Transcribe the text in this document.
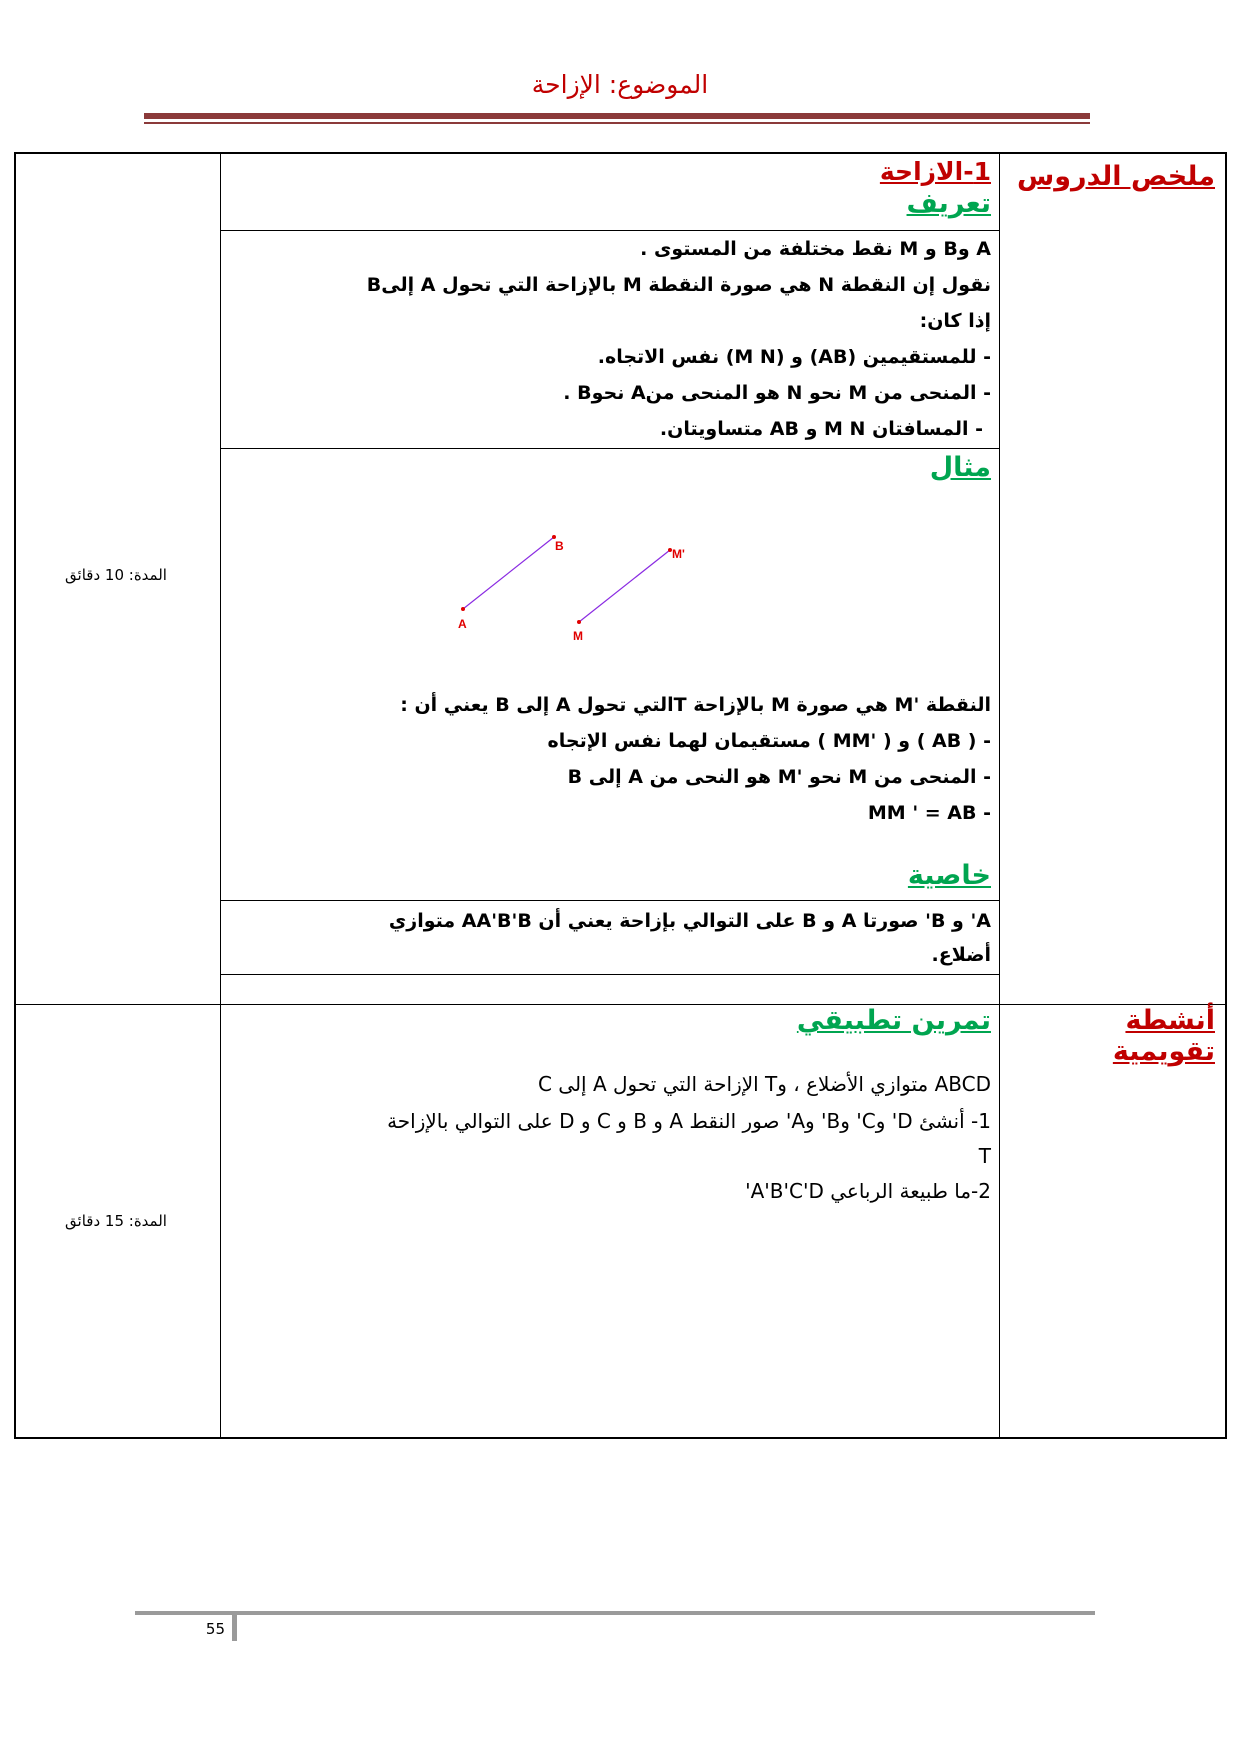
الموضوع: الإزاحة
ملخص الدروس
أنشطة تقويمية
1-الازاحة
تعريف
A وB و M نقط مختلفة من المستوى .
نقول إن النقطة N هي صورة النقطة M بالإزاحة التي تحول A إلىB
إذا كان:
- للمستقيمين (AB) و (M N) نفس الاتجاه.
- المنحى من M نحو N هو المنحى منA نحوB .
- المسافتان M N و AB متساويتان.
مثال
A
B
M
M'
النقطة 'M هي صورة M بالإزاحة Tالتي تحول A إلى B يعني أن :
- ( AB ) و ( 'MM ) مستقيمان لهما نفس الإتجاه
- المنحى من M نحو 'M هو النحى من A إلى B
- MM ' = AB
خاصية
A' و B' صورتا A و B على التوالي بإزاحة يعني أن AA'B'B متوازي
أضلاع.
تمرين تطبيقي
ABCD متوازي الأضلاع ، وT الإزاحة التي تحول A إلى C
1- أنشئ D' وC' وB' وA' صور النقط A و B و C و D على التوالي بالإزاحة
T
2-ما طبيعة الرباعي A'B'C'D'
المدة: 10 دقائق
المدة: 15 دقائق
55
